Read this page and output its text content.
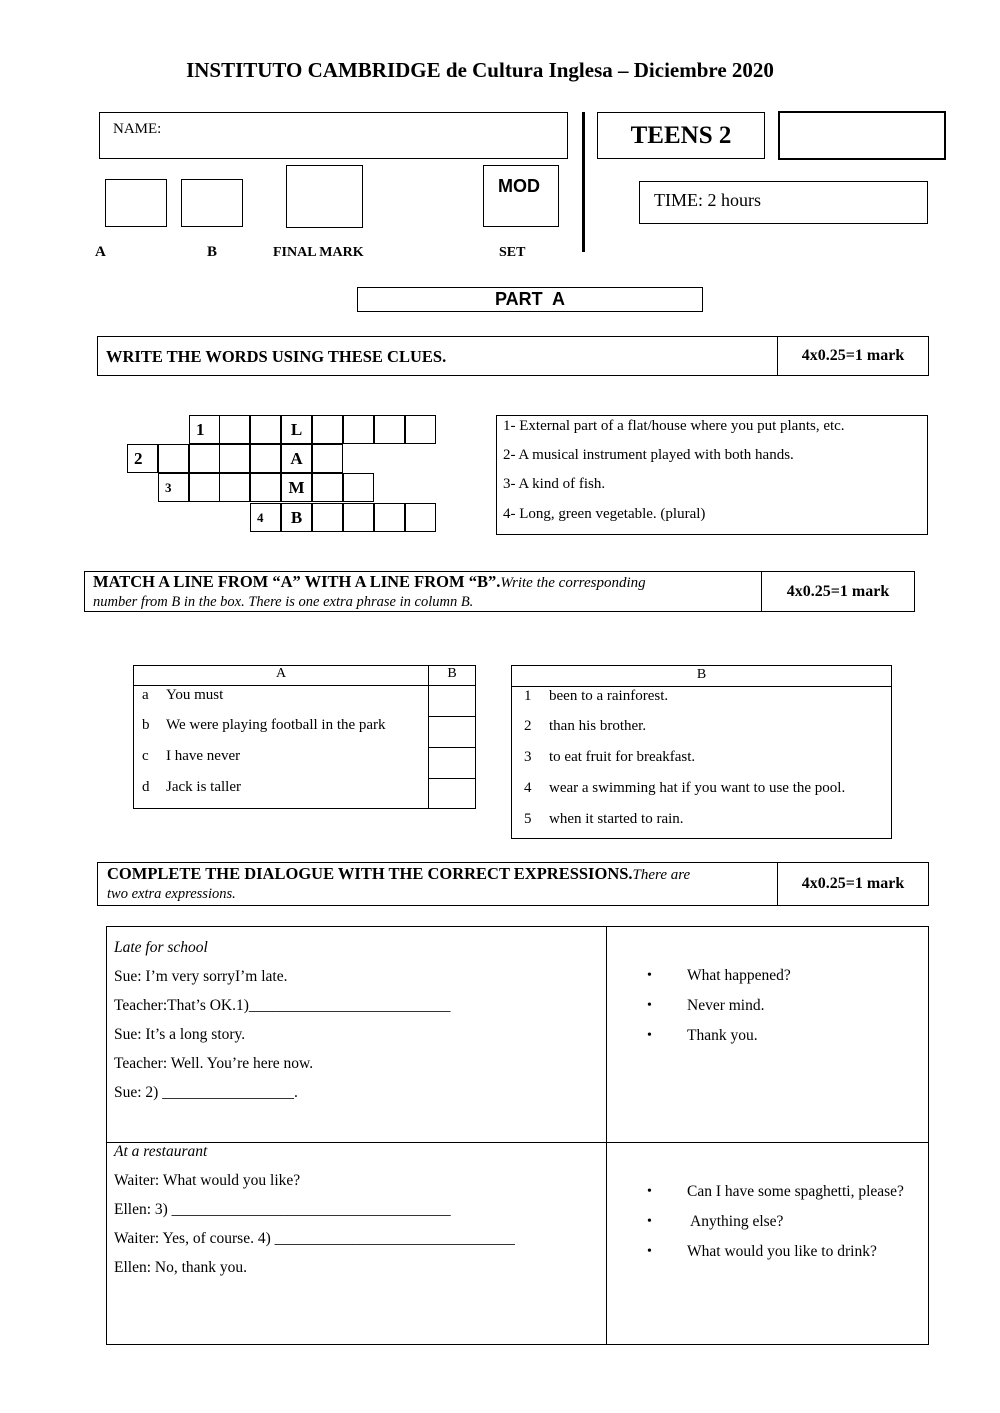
INSTITUTO CAMBRIDGE de Cultura Inglesa – Diciembre 2020
NAME:	TEENS 2
MOD
TIME: 2 hours
A	B	FINAL MARK	SET
PART  A
WRITE THE WORDS USING THESE CLUES.	4x0.25=1 mark
1	L
2	A
3	M
4	B
1- External part of a flat/house where you put plants, etc.
2- A musical instrument played with both hands.
3- A kind of fish.
4- Long, green vegetable. (plural)
MATCH A LINE FROM “A” WITH A LINE FROM “B”.Write the corresponding
number from B in the box. There is one extra phrase in column B.
4x0.25=1 mark
A	B
a You must
b We were playing football in the park
c I have never
d Jack is taller
B
1 been to a rainforest.
2 than his brother.
3 to eat fruit for breakfast.
4 wear a swimming hat if you want to use the pool.
5 when it started to rain.
COMPLETE THE DIALOGUE WITH THE CORRECT EXPRESSIONS.There are
two extra expressions.
4x0.25=1 mark
Late for school
Sue: I’m very sorryI’m late.
Teacher:That’s OK.1)__________________________
Sue: It’s a long story.
Teacher: Well. You’re here now.
Sue: 2) _________________.
• What happened?
• Never mind.
• Thank you.
At a restaurant
Waiter: What would you like?
Ellen: 3) ____________________________________
Waiter: Yes, of course. 4) _______________________________
Ellen: No, thank you.
• Can I have some spaghetti, please?
•  Anything else?
• What would you like to drink?
